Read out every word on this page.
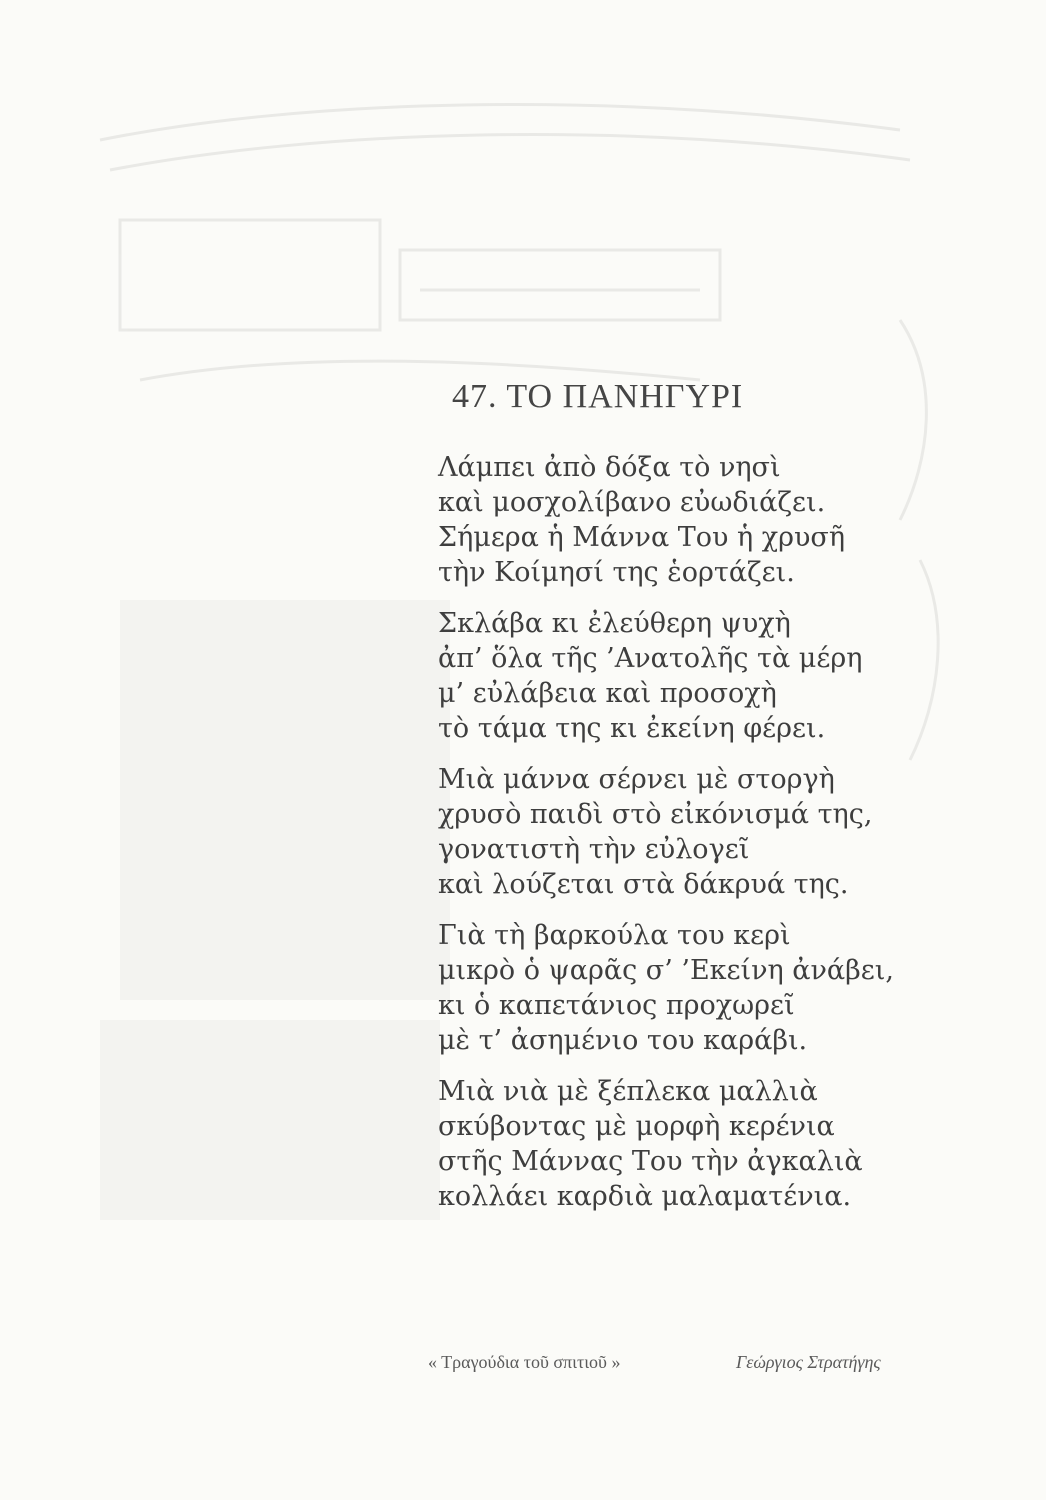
47. ΤΟ ΠΑΝΗΓΥΡΙ
Λάμπει ἀπὸ δόξα τὸ νησὶ
καὶ μοσχολίβανο εὐωδιάζει.
Σήμερα ἡ Μάννα Του ἡ χρυσῆ
τὴν Κοίμησί της ἑορτάζει.
Σκλάβα κι ἐλεύθερη ψυχὴ
ἀπ’ ὅλα τῆς ’Ανατολῆς τὰ μέρη
μ’ εὐλάβεια καὶ προσοχὴ
τὸ τάμα της κι ἐκείνη φέρει.
Μιὰ μάννα σέρνει μὲ στοργὴ
χρυσὸ παιδὶ στὸ εἰκόνισμά της,
γονατιστὴ τὴν εὐλογεῖ
καὶ λούζεται στὰ δάκρυά της.
Γιὰ τὴ βαρκούλα του κερὶ
μικρὸ ὁ ψαρᾶς σ’ ’Εκείνη ἀνάβει,
κι ὁ καπετάνιος προχωρεῖ
μὲ τ’ ἀσημένιο του καράβι.
Μιὰ νιὰ μὲ ξέπλεκα μαλλιὰ
σκύβοντας μὲ μορφὴ κερένια
στῆς Μάννας Του τὴν ἀγκαλιὰ
κολλάει καρδιὰ μαλαματένια.
« Τραγούδια τοῦ σπιτιοῦ »	Γεώργιος Στρατήγης
